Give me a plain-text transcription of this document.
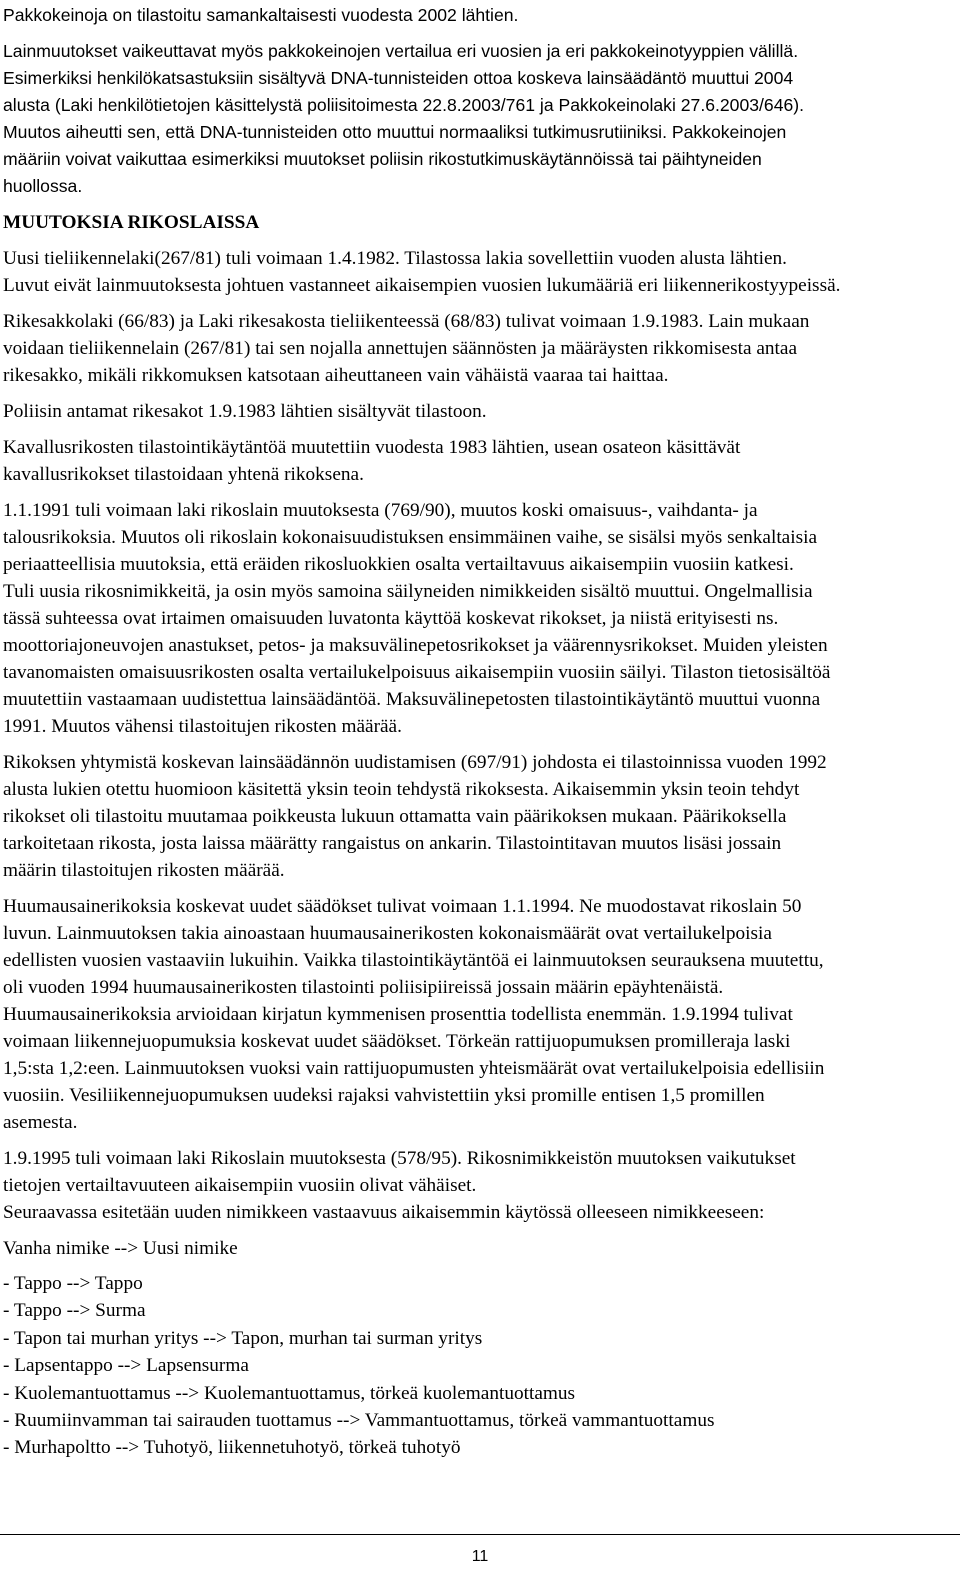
Pakkokeinoja on tilastoitu samankaltaisesti vuodesta 2002 lähtien.

Lainmuutokset vaikeuttavat myös pakkokeinojen vertailua eri vuosien ja eri pakkokeinotyyppien välillä.
Esimerkiksi henkilökatsastuksiin sisältyvä DNA-tunnisteiden ottoa koskeva lainsäädäntö muuttui 2004
alusta (Laki henkilötietojen käsittelystä poliisitoimesta 22.8.2003/761 ja Pakkokeinolaki 27.6.2003/646).
Muutos aiheutti sen, että DNA-tunnisteiden otto muuttui normaaliksi tutkimusrutiiniksi. Pakkokeinojen
määriin voivat vaikuttaa esimerkiksi muutokset poliisin rikostutkimuskäytännöissä tai päihtyneiden
huollossa.

MUUTOKSIA RIKOSLAISSA

Uusi tieliikennelaki(267/81) tuli voimaan 1.4.1982. Tilastossa lakia sovellettiin vuoden alusta lähtien.
Luvut eivät lainmuutoksesta johtuen vastanneet aikaisempien vuosien lukumääriä eri liikennerikostyypeissä.

Rikesakkolaki (66/83) ja Laki rikesakosta tieliikenteessä (68/83) tulivat voimaan 1.9.1983. Lain mukaan
voidaan tieliikennelain (267/81) tai sen nojalla annettujen säännösten ja määräysten rikkomisesta antaa
rikesakko, mikäli rikkomuksen katsotaan aiheuttaneen vain vähäistä vaaraa tai haittaa.

Poliisin antamat rikesakot 1.9.1983 lähtien sisältyvät tilastoon.

Kavallusrikosten tilastointikäytäntöä muutettiin vuodesta 1983 lähtien, usean osateon käsittävät
kavallusrikokset tilastoidaan yhtenä rikoksena.

1.1.1991 tuli voimaan laki rikoslain muutoksesta (769/90), muutos koski omaisuus-, vaihdanta- ja
talousrikoksia. Muutos oli rikoslain kokonaisuudistuksen ensimmäinen vaihe, se sisälsi myös senkaltaisia
periaatteellisia muutoksia, että eräiden rikosluokkien osalta vertailtavuus aikaisempiin vuosiin katkesi.
Tuli uusia rikosnimikkeitä, ja osin myös samoina säilyneiden nimikkeiden sisältö muuttui. Ongelmallisia
tässä suhteessa ovat irtaimen omaisuuden luvatonta käyttöä koskevat rikokset, ja niistä erityisesti ns.
moottoriajoneuvojen anastukset, petos- ja maksuvälinepetosrikokset ja väärennysrikokset. Muiden yleisten
tavanomaisten omaisuusrikosten osalta vertailukelpoisuus aikaisempiin vuosiin säilyi. Tilaston tietosisältöä
muutettiin vastaamaan uudistettua lainsäädäntöä. Maksuvälinepetosten tilastointikäytäntö muuttui vuonna
1991. Muutos vähensi tilastoitujen rikosten määrää.

Rikoksen yhtymistä koskevan lainsäädännön uudistamisen (697/91) johdosta ei tilastoinnissa vuoden 1992
alusta lukien otettu huomioon käsitettä yksin teoin tehdystä rikoksesta. Aikaisemmin yksin teoin tehdyt
rikokset oli tilastoitu muutamaa poikkeusta lukuun ottamatta vain päärikoksen mukaan. Päärikoksella
tarkoitetaan rikosta, josta laissa määrätty rangaistus on ankarin. Tilastointitavan muutos lisäsi jossain
määrin tilastoitujen rikosten määrää.

Huumausainerikoksia koskevat uudet säädökset tulivat voimaan 1.1.1994. Ne muodostavat rikoslain 50
luvun. Lainmuutoksen takia ainoastaan huumausainerikosten kokonaismäärät ovat vertailukelpoisia
edellisten vuosien vastaaviin lukuihin. Vaikka tilastointikäytäntöä ei lainmuutoksen seurauksena muutettu,
oli vuoden 1994 huumausainerikosten tilastointi poliisipiireissä jossain määrin epäyhtenäistä.
Huumausainerikoksia arvioidaan kirjatun kymmenisen prosenttia todellista enemmän. 1.9.1994 tulivat
voimaan liikennejuopumuksia koskevat uudet säädökset. Törkeän rattijuopumuksen promilleraja laski
1,5:sta 1,2:een. Lainmuutoksen vuoksi vain rattijuopumusten yhteismäärät ovat vertailukelpoisia edellisiin
vuosiin. Vesiliikennejuopumuksen uudeksi rajaksi vahvistettiin yksi promille entisen 1,5 promillen
asemesta.

1.9.1995 tuli voimaan laki Rikoslain muutoksesta (578/95). Rikosnimikkeistön muutoksen vaikutukset
tietojen vertailtavuuteen aikaisempiin vuosiin olivat vähäiset.
Seuraavassa esitetään uuden nimikkeen vastaavuus aikaisemmin käytössä olleeseen nimikkeeseen:

Vanha nimike --> Uusi nimike

- Tappo --> Tappo
- Tappo --> Surma
- Tapon tai murhan yritys --> Tapon, murhan tai surman yritys
- Lapsentappo --> Lapsensurma
- Kuolemantuottamus --> Kuolemantuottamus, törkeä kuolemantuottamus
- Ruumiinvamman tai sairauden tuottamus --> Vammantuottamus, törkeä vammantuottamus
- Murhapoltto --> Tuhotyö, liikennetuhotyö, törkeä tuhotyö
11
